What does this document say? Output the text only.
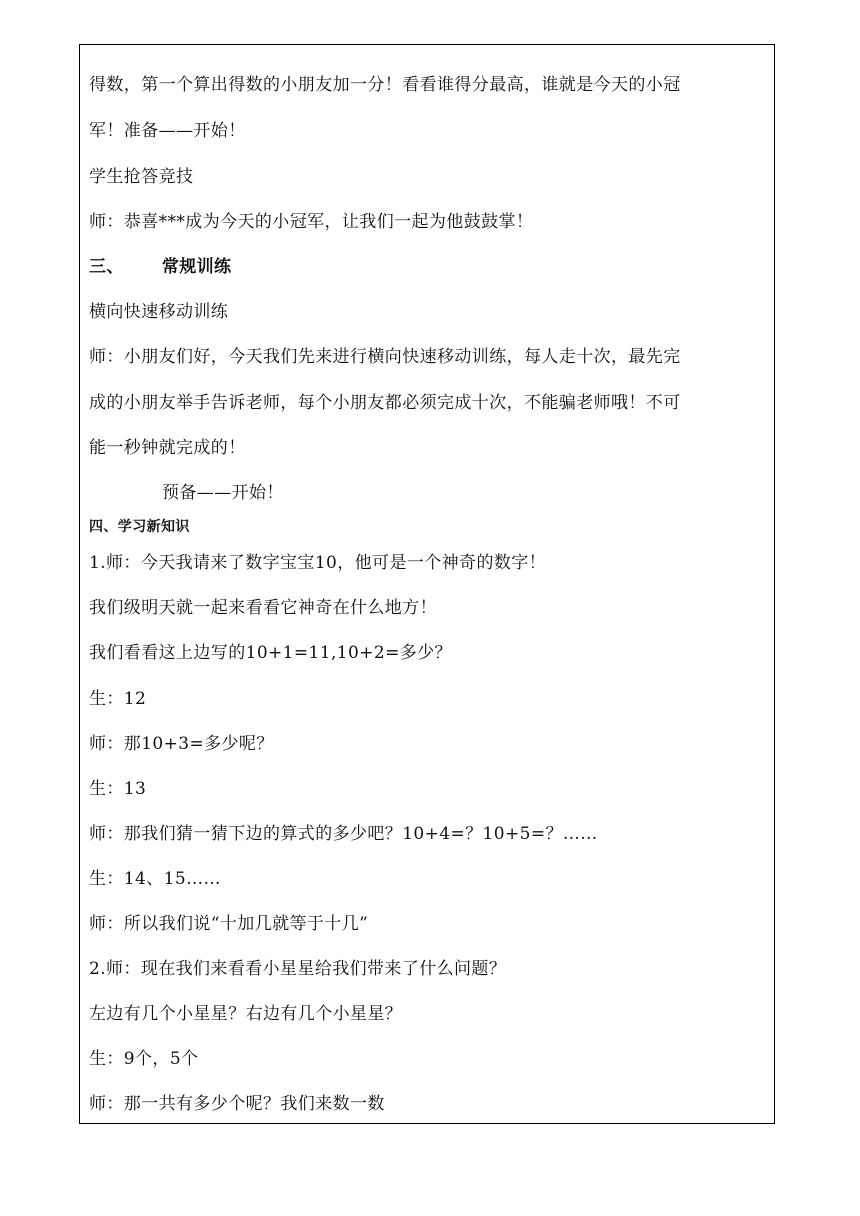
得数，第一个算出得数的小朋友加一分！看看谁得分最高，谁就是今天的小冠
军！准备——开始！
学生抢答竞技
师：恭喜***成为今天的小冠军，让我们一起为他鼓鼓掌！
三、 常规训练
横向快速移动训练
师：小朋友们好，今天我们先来进行横向快速移动训练，每人走十次，最先完
成的小朋友举手告诉老师，每个小朋友都必须完成十次，不能骗老师哦！不可
能一秒钟就完成的！
预备——开始！
四、学习新知识
1.师：今天我请来了数字宝宝10，他可是一个神奇的数字！
我们级明天就一起来看看它神奇在什么地方！
我们看看这上边写的10+1=11,10+2=多少？
生：12
师：那10+3=多少呢？
生：13
师：那我们猜一猜下边的算式的多少吧？10+4=？10+5=？……
生：14、15……
师：所以我们说“十加几就等于十几”
2.师：现在我们来看看小星星给我们带来了什么问题？
左边有几个小星星？右边有几个小星星？
生：9个，5个
师：那一共有多少个呢？我们来数一数
